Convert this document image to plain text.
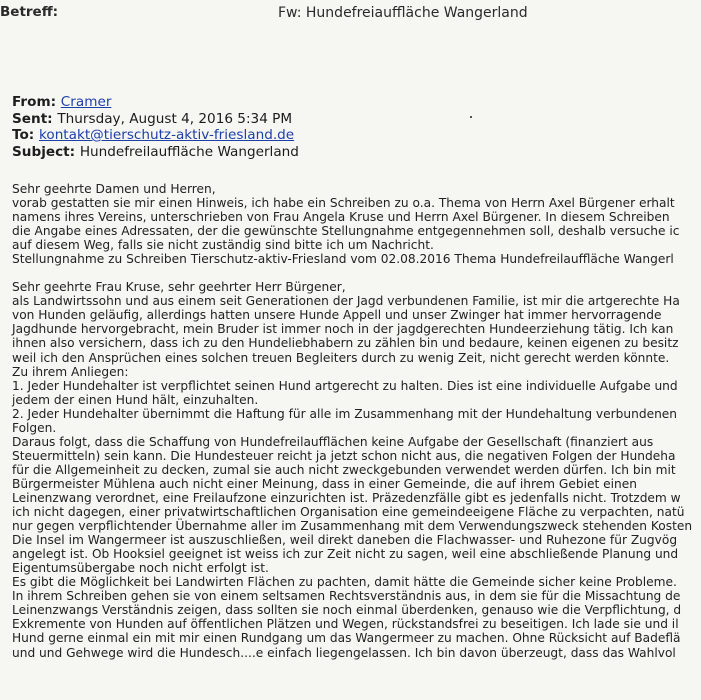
Betreff:	Fw: Hundefreiauffläche Wangerland
From: Cramer
Sent: Thursday, August 4, 2016 5:34 PM
To: kontakt@tierschutz-aktiv-friesland.de
Subject: Hundefreilauffläche Wangerland
Sehr geehrte Damen und Herren,
vorab gestatten sie mir einen Hinweis, ich habe ein Schreiben zu o.a. Thema von Herrn Axel Bürgener erhalt
namens ihres Vereins, unterschrieben von Frau Angela Kruse und Herrn Axel Bürgener. In diesem Schreiben
die Angabe eines Adressaten, der die gewünschte Stellungnahme entgegennehmen soll, deshalb versuche ic
auf diesem Weg, falls sie nicht zuständig sind bitte ich um Nachricht.
Stellungnahme zu Schreiben Tierschutz-aktiv-Friesland vom 02.08.2016 Thema Hundefreilauffläche Wangerl
Sehr geehrte Frau Kruse, sehr geehrter Herr Bürgener,
als Landwirtssohn und aus einem seit Generationen der Jagd verbundenen Familie, ist mir die artgerechte Ha
von Hunden geläufig, allerdings hatten unsere Hunde Appell und unser Zwinger hat immer hervorragende
Jagdhunde hervorgebracht, mein Bruder ist immer noch in der jagdgerechten Hundeerziehung tätig. Ich kan
ihnen also versichern, dass ich zu den Hundeliebhabern zu zählen bin und bedaure, keinen eigenen zu besitz
weil ich den Ansprüchen eines solchen treuen Begleiters durch zu wenig Zeit, nicht gerecht werden könnte.
Zu ihrem Anliegen:
1. Jeder Hundehalter ist verpflichtet seinen Hund artgerecht zu halten. Dies ist eine individuelle Aufgabe und
jedem der einen Hund hält, einzuhalten.
2. Jeder Hundehalter übernimmt die Haftung für alle im Zusammenhang mit der Hundehaltung verbundenen
Folgen.
Daraus folgt, dass die Schaffung von Hundefreilaufflächen keine Aufgabe der Gesellschaft (finanziert aus
Steuermitteln) sein kann. Die Hundesteuer reicht ja jetzt schon nicht aus, die negativen Folgen der Hundeha
für die Allgemeinheit zu decken, zumal sie auch nicht zweckgebunden verwendet werden dürfen. Ich bin mit
Bürgermeister Mühlena auch nicht einer Meinung, dass in einer Gemeinde, die auf ihrem Gebiet einen
Leinenzwang verordnet, eine Freilaufzone einzurichten ist. Präzedenzfälle gibt es jedenfalls nicht. Trotzdem w
ich nicht dagegen, einer privatwirtschaftlichen Organisation eine gemeindeeigene Fläche zu verpachten, natü
nur gegen verpflichtender Übernahme aller im Zusammenhang mit dem Verwendungszweck stehenden Kosten
Die Insel im Wangermeer ist auszuschließen, weil direkt daneben die Flachwasser- und Ruhezone für Zugvög
angelegt ist. Ob Hooksiel geeignet ist weiss ich zur Zeit nicht zu sagen, weil eine abschließende Planung und
Eigentumsübergabe noch nicht erfolgt ist.
Es gibt die Möglichkeit bei Landwirten Flächen zu pachten, damit hätte die Gemeinde sicher keine Probleme.
In ihrem Schreiben gehen sie von einem seltsamen Rechtsverständnis aus, in dem sie für die Missachtung de
Leinenzwangs Verständnis zeigen, dass sollten sie noch einmal überdenken, genauso wie die Verpflichtung, d
Exkremente von Hunden auf öffentlichen Plätzen und Wegen, rückstandsfrei zu beseitigen. Ich lade sie und il
Hund gerne einmal ein mit mir einen Rundgang um das Wangermeer zu machen. Ohne Rücksicht auf Badeflä
und und Gehwege wird die Hundesch....e einfach liegengelassen. Ich bin davon überzeugt, dass das Wahlvol
